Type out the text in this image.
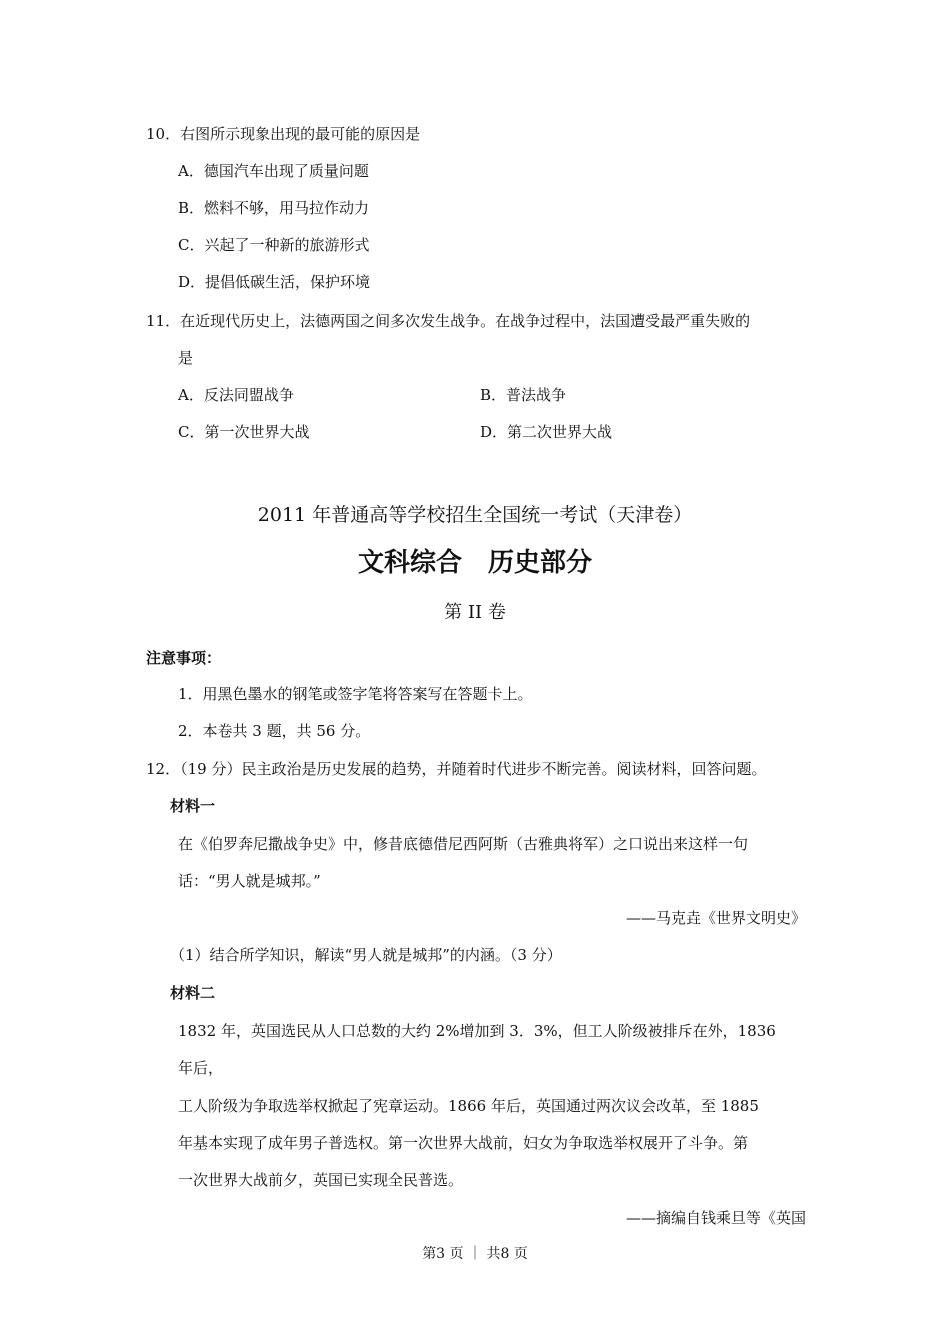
10．右图所示现象出现的最可能的原因是
A．德国汽车出现了质量问题
B．燃料不够，用马拉作动力
C．兴起了一种新的旅游形式
D．提倡低碳生活，保护环境
11．在近现代历史上，法德两国之间多次发生战争。在战争过程中，法国遭受最严重失败的
是
A．反法同盟战争	B．普法战争
C．第一次世界大战	D．第二次世界大战
2011 年普通高等学校招生全国统一考试（天津卷）
文科综合　历史部分
第 II 卷
注意事项：
1．用黑色墨水的钢笔或签字笔将答案写在答题卡上。
2．本卷共 3 题，共 56 分。
12．（19 分）民主政治是历史发展的趋势，并随着时代进步不断完善。阅读材料，回答问题。
材料一
在《伯罗奔尼撒战争史》中，修昔底德借尼西阿斯（古雅典将军）之口说出来这样一句
话：“男人就是城邦。”
——马克垚《世界文明史》
（1）结合所学知识，解读“男人就是城邦”的内涵。（3 分）
材料二
1832 年，英国选民从人口总数的大约 2%增加到 3．3%，但工人阶级被排斥在外，1836
年后，
工人阶级为争取选举权掀起了宪章运动。1866 年后，英国通过两次议会改革，至 1885
年基本实现了成年男子普选权。第一次世界大战前，妇女为争取选举权展开了斗争。第
一次世界大战前夕，英国已实现全民普选。
——摘编自钱乘旦等《英国
第3 页 ｜ 共8 页
